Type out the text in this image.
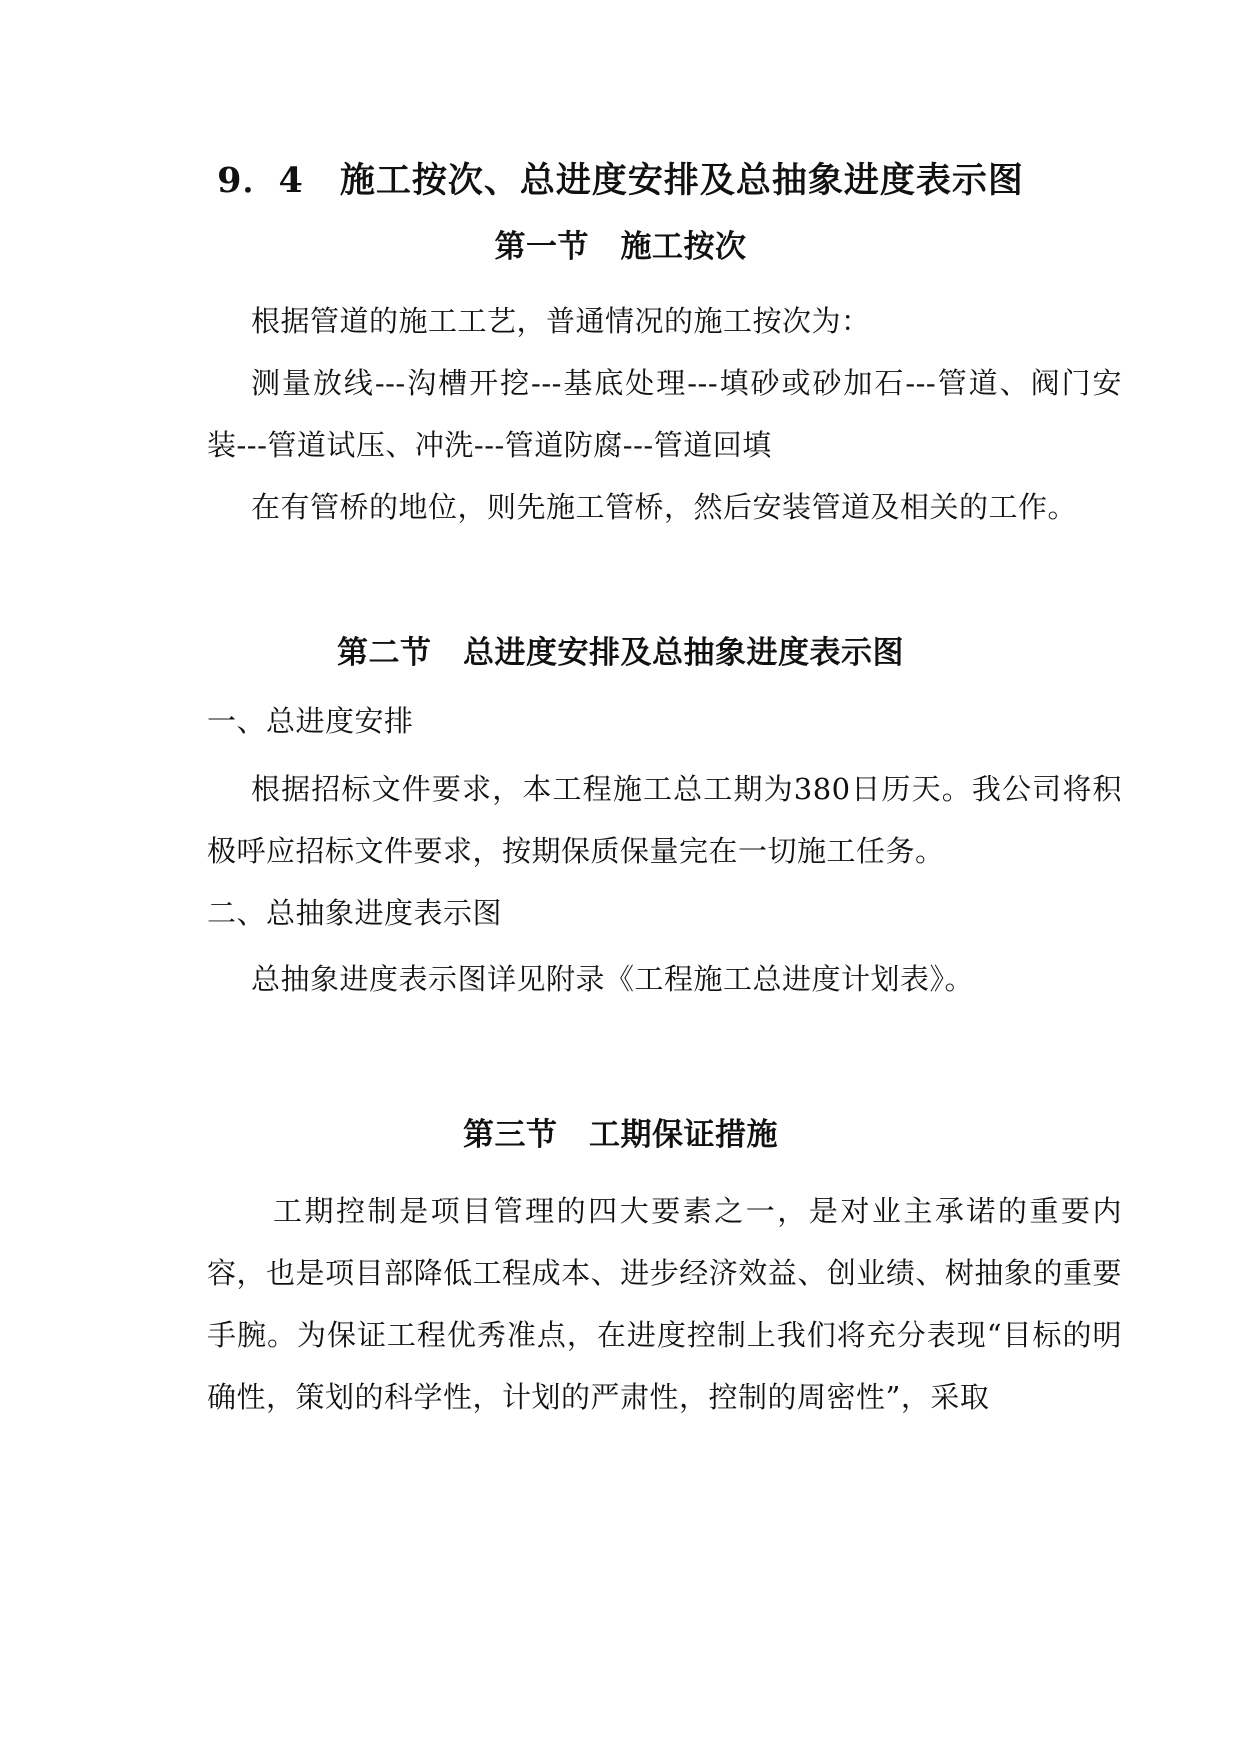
9．4　施工按次、总进度安排及总抽象进度表示图
第一节　施工按次

根据管道的施工工艺，普通情况的施工按次为：

测量放线---沟槽开挖---基底处理---填砂或砂加石---管道、阀门安装---管道试压、冲洗---管道防腐---管道回填

在有管桥的地位，则先施工管桥，然后安装管道及相关的工作。

第二节　总进度安排及总抽象进度表示图

一、总进度安排

根据招标文件要求，本工程施工总工期为380日历天。我公司将积极呼应招标文件要求，按期保质保量完在一切施工任务。

二、总抽象进度表示图

总抽象进度表示图详见附录《工程施工总进度计划表》。

第三节　工期保证措施

工期控制是项目管理的四大要素之一，是对业主承诺的重要内容，也是项目部降低工程成本、进步经济效益、创业绩、树抽象的重要手腕。为保证工程优秀准点，在进度控制上我们将充分表现“目标的明确性，策划的科学性，计划的严肃性，控制的周密性”，采取
